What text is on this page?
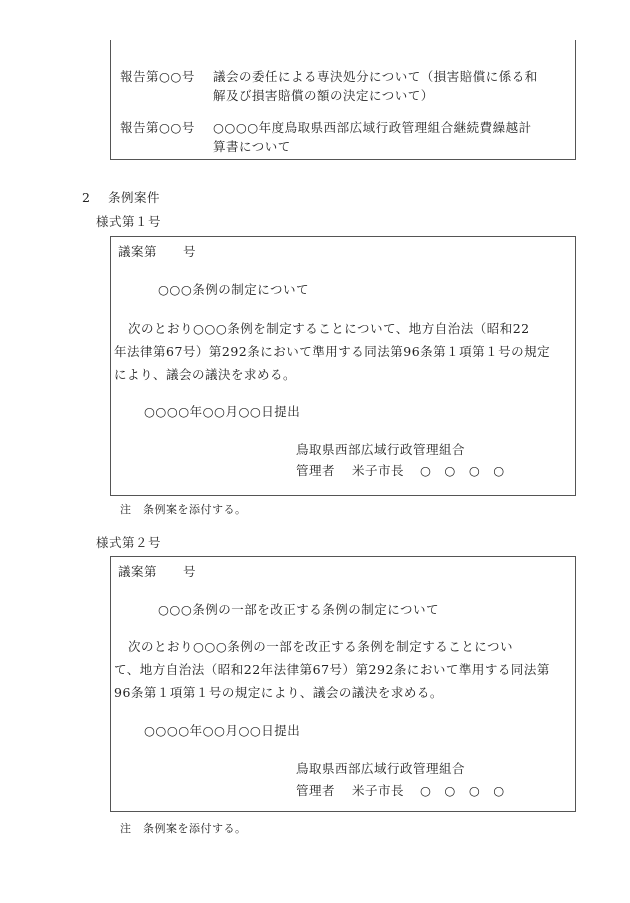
報告第○○号 議会の委任による専決処分について（損害賠償に係る和
解及び損害賠償の額の決定について）
報告第○○号 ○○○○年度鳥取県西部広域行政管理組合継続費繰越計
算書について
2 条例案件
様式第１号
議案第　　号
○○○条例の制定について
次のとおり○○○条例を制定することについて、地方自治法（昭和22
年法律第67号）第292条において準用する同法第96条第１項第１号の規定
により、議会の議決を求める。
○○○○年○○月○○日提出
鳥取県西部広域行政管理組合
管理者 米子市長 ○　○　○　○
注　条例案を添付する。
様式第２号
議案第　　号
○○○条例の一部を改正する条例の制定について
次のとおり○○○条例の一部を改正する条例を制定することについ
て、地方自治法（昭和22年法律第67号）第292条において準用する同法第
96条第１項第１号の規定により、議会の議決を求める。
○○○○年○○月○○日提出
鳥取県西部広域行政管理組合
管理者 米子市長 ○　○　○　○
注　条例案を添付する。
